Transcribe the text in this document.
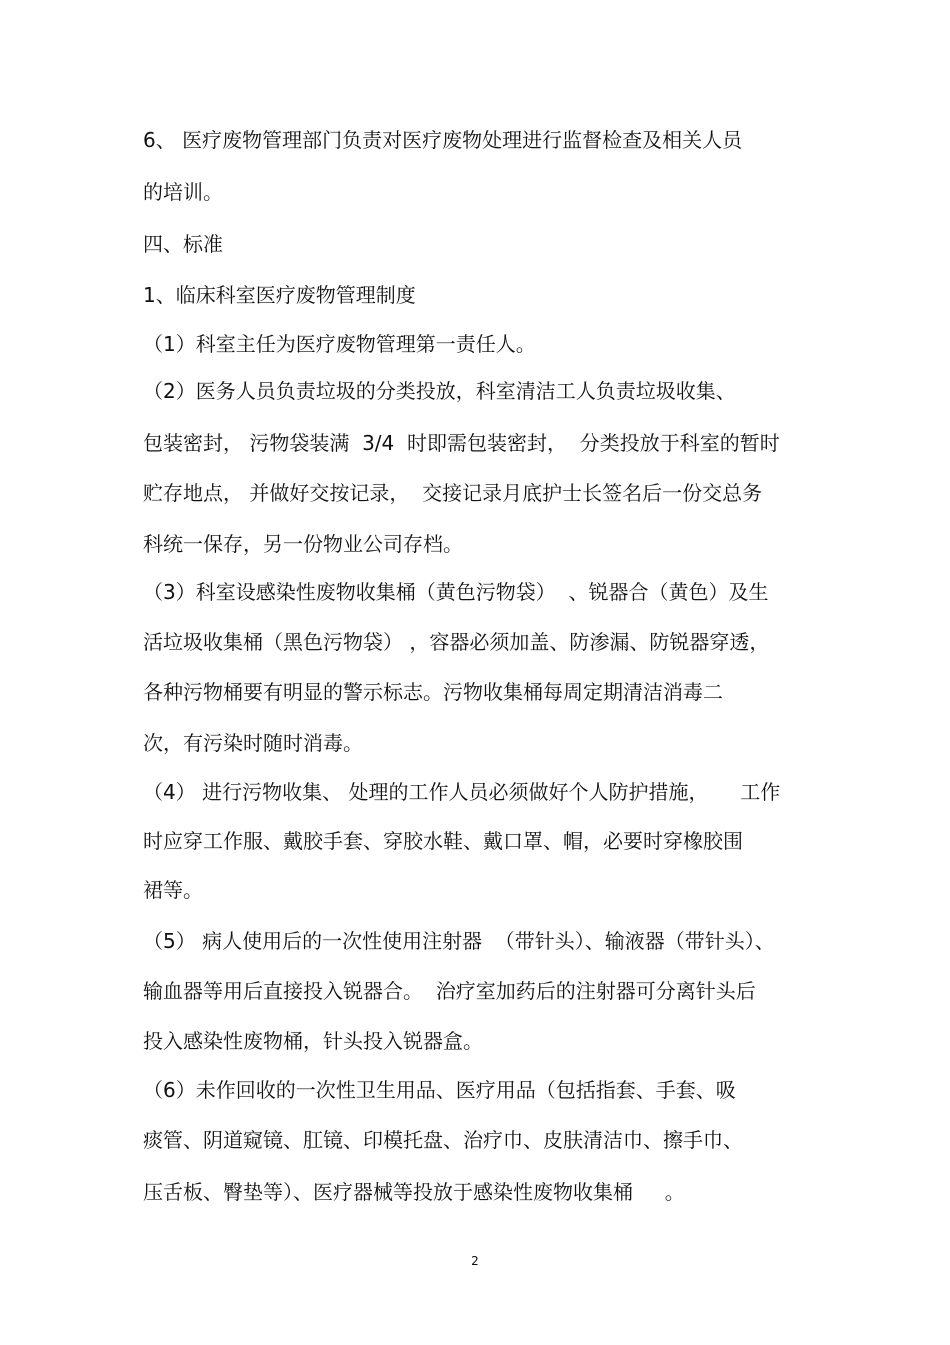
6、 医疗废物管理部门负责对医疗废物处理进行监督检查及相关人员

的培训。

四、标准

1、临床科室医疗废物管理制度

（1）科室主任为医疗废物管理第一责任人。

（2）医务人员负责垃圾的分类投放，科室清洁工人负责垃圾收集、

包装密封， 污物袋装满  3/4  时即需包装密封，  分类投放于科室的暂时

贮存地点， 并做好交按记录，  交接记录月底护士长签名后一份交总务

科统一保存，另一份物业公司存档。

（3）科室设感染性废物收集桶（黄色污物袋）  、锐器合（黄色）及生

活垃圾收集桶（黑色污物袋） ，容器必须加盖、防渗漏、防锐器穿透，

各种污物桶要有明显的警示标志。污物收集桶每周定期清洁消毒二

次，有污染时随时消毒。

（4） 进行污物收集、 处理的工作人员必须做好个人防护措施，     工作

时应穿工作服、戴胶手套、穿胶水鞋、戴口罩、帽，必要时穿橡胶围

裙等。

（5） 病人使用后的一次性使用注射器  （带针头）、输液器（带针头）、

输血器等用后直接投入锐器合。  治疗室加药后的注射器可分离针头后

投入感染性废物桶，针头投入锐器盒。

（6）未作回收的一次性卫生用品、医疗用品（包括指套、手套、吸

痰管、阴道窥镜、肛镜、印模托盘、治疗巾、皮肤清洁巾、擦手巾、

压舌板、臀垫等）、医疗器械等投放于感染性废物收集桶     。

2
